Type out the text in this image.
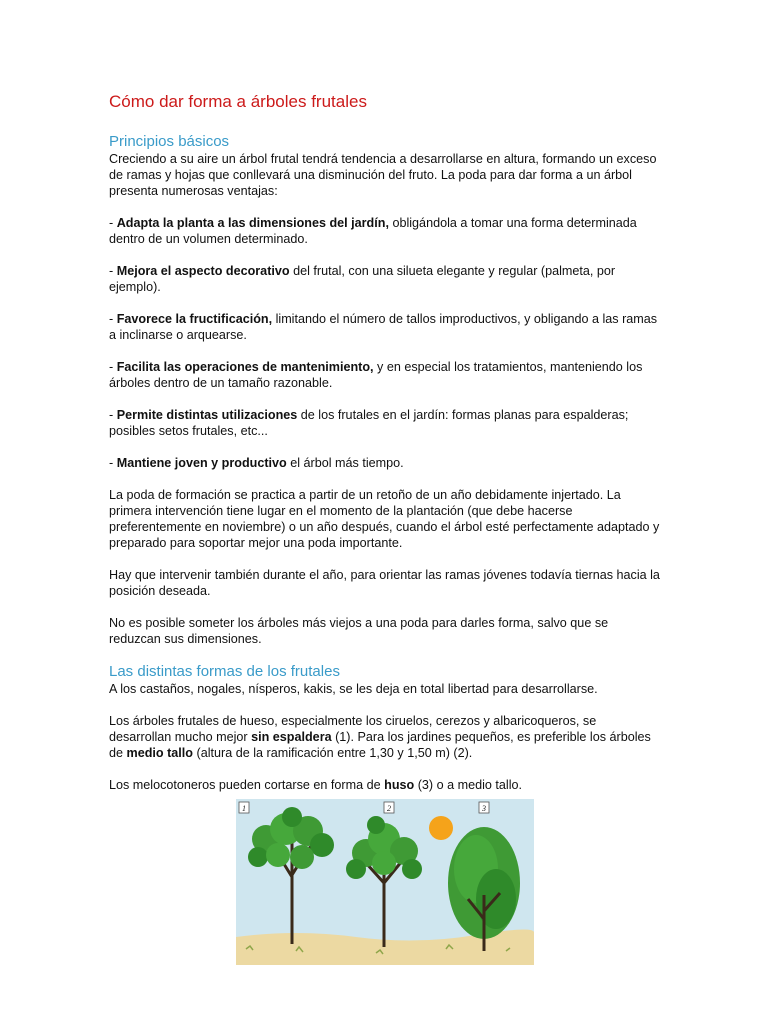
Cómo dar forma a árboles frutales
Principios básicos

Creciendo a su aire un árbol frutal tendrá tendencia a desarrollarse en altura, formando un exceso de ramas y hojas que conllevará una disminución del fruto. La poda para dar forma a un árbol presenta numerosas ventajas:

- Adapta la planta a las dimensiones del jardín, obligándola a tomar una forma determinada dentro de un volumen determinado.

- Mejora el aspecto decorativo del frutal, con una silueta elegante y regular (palmeta, por ejemplo).

- Favorece la fructificación, limitando el número de tallos improductivos, y obligando a las ramas a inclinarse o arquearse.

- Facilita las operaciones de mantenimiento, y en especial los tratamientos, manteniendo los árboles dentro de un tamaño razonable.

- Permite distintas utilizaciones de los frutales en el jardín: formas planas para espalderas; posibles setos frutales, etc...

- Mantiene joven y productivo el árbol más tiempo.

La poda de formación se practica a partir de un retoño de un año debidamente injertado. La primera intervención tiene lugar en el momento de la plantación (que debe hacerse preferentemente en noviembre) o un año después, cuando el árbol esté perfectamente adaptado y preparado para soportar mejor una poda importante.

Hay que intervenir también durante el año, para orientar las ramas jóvenes todavía tiernas hacia la posición deseada.

No es posible someter los árboles más viejos a una poda para darles forma, salvo que se reduzcan sus dimensiones.

Las distintas formas de los frutales

A los castaños, nogales, nísperos, kakis, se les deja en total libertad para desarrollarse.

Los árboles frutales de hueso, especialmente los ciruelos, cerezos y albaricoqueros, se desarrollan mucho mejor sin espaldera (1). Para los jardines pequeños, es preferible los árboles de medio tallo (altura de la ramificación entre 1,30 y 1,50 m) (2).

Los melocotoneros pueden cortarse en forma de huso (3) o a medio tallo.

1	2	3
